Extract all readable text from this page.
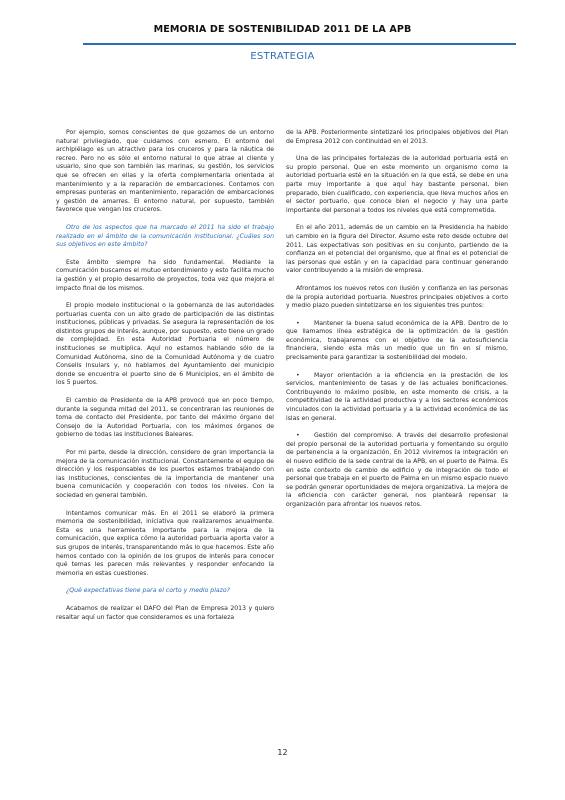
MEMORIA DE SOSTENIBILIDAD 2011 DE LA APB
ESTRATEGIA

Por ejemplo, somos conscientes de que gozamos de un entorno natural privilegiado, que cuidamos con esmero. El entorno del archipiélago es un atractivo para los cruceros y para la náutica de recreo. Pero no es sólo el entorno natural lo que atrae al cliente y usuario, sino que son también las marinas, su gestión, los servicios que se ofrecen en ellas y la oferta complementaria orientada al mantenimiento y a la reparación de embarcaciones. Contamos con empresas punteras en mantenimiento, reparación de embarcaciones y gestión de amarres. El entorno natural, por supuesto, también favorece que vengan los cruceros.

Otro de los aspectos que ha marcado el 2011 ha sido el trabajo realizado en el ámbito de la comunicación institucional. ¿Cuáles son sus objetivos en este ámbito?

Este ámbito siempre ha sido fundamental. Mediante la comunicación buscamos el mutuo entendimiento y esto facilita mucho la gestión y el propio desarrollo de proyectos, toda vez que mejora el impacto final de los mismos.

El propio modelo institucional o la gobernanza de las autoridades portuarias cuenta con un alto grado de participación de las distintas instituciones, públicas y privadas. Se asegura la representación de los distintos grupos de interés, aunque, por supuesto, esto tiene un grado de complejidad. En esta Autoridad Portuaria el número de instituciones se multiplica. Aquí no estamos hablando sólo de la Comunidad Autónoma, sino de la Comunidad Autónoma y de cuatro Consells Insulars y, no hablamos del Ayuntamiento del municipio donde se encuentra el puerto sino de 6 Municipios, en el ámbito de los 5 puertos.

El cambio de Presidente de la APB provocó que en poco tiempo, durante la segunda mitad del 2011, se concentraran las reuniones de toma de contacto del Presidente, por tanto del máximo órgano del Consejo de la Autoridad Portuaria, con los máximos órganos de gobierno de todas las instituciones Baleares.

Por mi parte, desde la dirección, considero de gran importancia la mejora de la comunicación institucional. Constantemente el equipo de dirección y los responsables de los puertos estamos trabajando con las instituciones, conscientes de la importancia de mantener una buena comunicación y cooperación con todos los niveles. Con la sociedad en general también.

Intentamos comunicar más. En el 2011 se elaboró la primera memoria de sostenibilidad, iniciativa que realizaremos anualmente. Esta es una herramienta importante para la mejora de la comunicación, que explica cómo la autoridad portuaria aporta valor a sus grupos de interés, transparentando más lo que hacemos. Este año hemos contado con la opinión de los grupos de interés para conocer qué temas les parecen más relevantes y responder enfocando la memoria en estas cuestiones.

¿Qué expectativas tiene para el corto y medio plazo?

Acabamos de realizar el DAFO del Plan de Empresa 2013 y quiero resaltar aquí un factor que consideramos es una fortaleza

de la APB. Posteriormente sintetizaré los principales objetivos del Plan de Empresa 2012 con continuidad en el 2013.

Una de las principales fortalezas de la autoridad portuaria está en su propio personal. Que en este momento un organismo como la autoridad portuaria esté en la situación en la que está, se debe en una parte muy importante a que aquí hay bastante personal, bien preparado, bien cualificado, con experiencia, que lleva muchos años en el sector portuario, que conoce bien el negocio y hay una parte importante del personal a todos los niveles que está comprometida.

En el año 2011, además de un cambio en la Presidencia ha habido un cambio en la figura del Director. Asumo este reto desde octubre del 2011. Las expectativas son positivas en su conjunto, partiendo de la confianza en el potencial del organismo, que al final es el potencial de las personas que están y en la capacidad para continuar generando valor contribuyendo a la misión de empresa.

Afrontamos los nuevos retos con ilusión y confianza en las personas de la propia autoridad portuaria. Nuestros principales objetivos a corto y medio plazo pueden sintetizarse en los siguientes tres puntos:

• Mantener la buena salud económica de la APB. Dentro de lo que llamamos línea estratégica de la optimización de la gestión económica, trabajaremos con el objetivo de la autosuficiencia financiera, siendo esta más un medio que un fin en sí mismo, precisamente para garantizar la sostenibilidad del modelo.

• Mayor orientación a la eficiencia en la prestación de los servicios, mantenimiento de tasas y de las actuales bonificaciones. Contribuyendo lo máximo posible, en este momento de crisis, a la competitividad de la actividad productiva y a los sectores económicos vinculados con la actividad portuaria y a la actividad económica de las islas en general.

• Gestión del compromiso. A través del desarrollo profesional del propio personal de la autoridad portuaria y fomentando su orgullo de pertenencia a la organización. En 2012 viviremos la integración en el nuevo edificio de la sede central de la APB, en el puerto de Palma. Es en este contexto de cambio de edificio y de integración de todo el personal que trabaja en el puerto de Palma en un mismo espacio nuevo se podrán generar oportunidades de mejora organizativa. La mejora de la eficiencia con carácter general, nos planteará repensar la organización para afrontar los nuevos retos.

12
